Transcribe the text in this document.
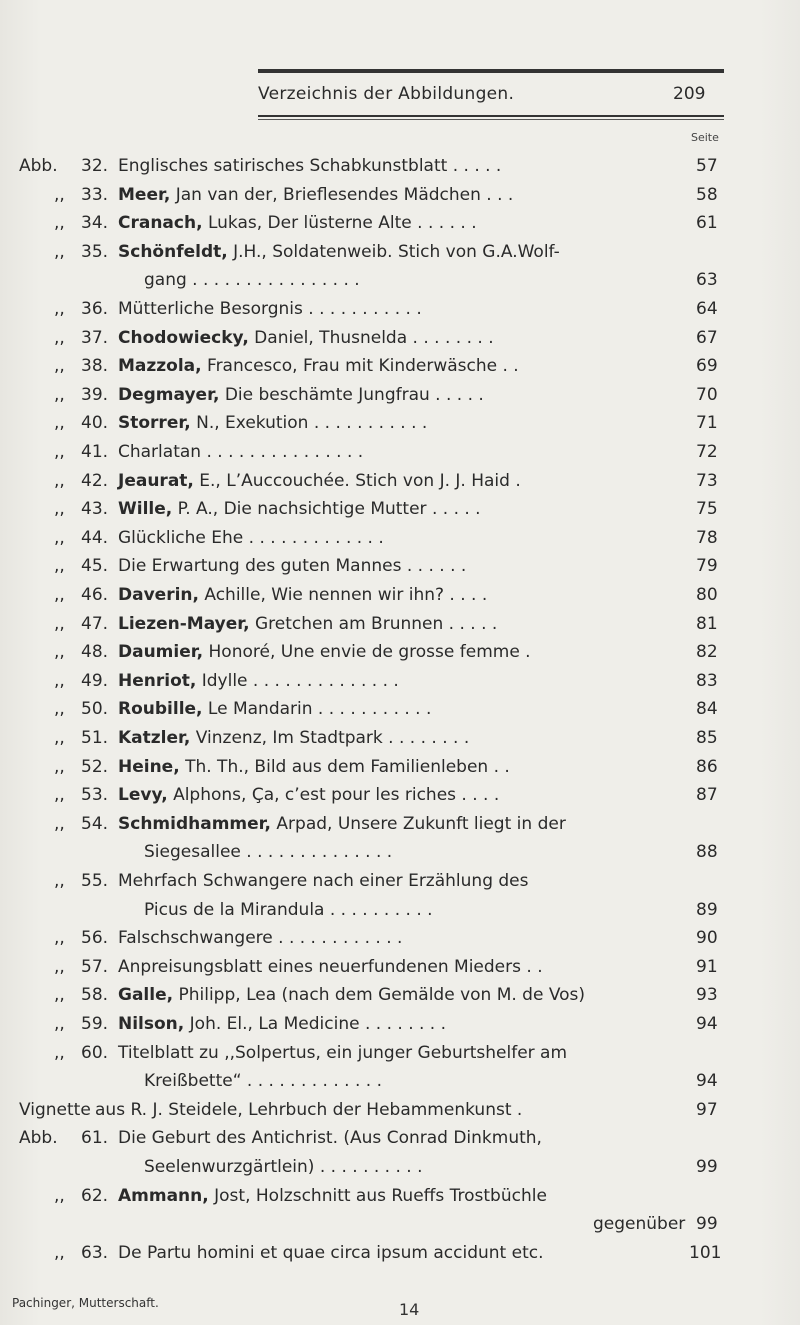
Verzeichnis der Abbildungen.	209
Seite
Abb. 32. Englisches satirisches Schabkunstblatt . . . . .	57
,, 33. Meer, Jan van der, Brieflesendes Mädchen . . .	58
,, 34. Cranach, Lukas, Der lüsterne Alte . . . . . .	61
,, 35. Schönfeldt, J.H., Soldatenweib. Stich von G.A.Wolf-
gang . . . . . . . . . . . . . . . .	63
,, 36. Mütterliche Besorgnis . . . . . . . . . . .	64
,, 37. Chodowiecky, Daniel, Thusnelda . . . . . . . .	67
,, 38. Mazzola, Francesco, Frau mit Kinderwäsche . .	69
,, 39. Degmayer, Die beschämte Jungfrau . . . . .	70
,, 40. Storrer, N., Exekution . . . . . . . . . . .	71
,, 41. Charlatan . . . . . . . . . . . . . . .	72
,, 42. Jeaurat, E., L’Auccouchée. Stich von J. J. Haid .	73
,, 43. Wille, P. A., Die nachsichtige Mutter . . . . .	75
,, 44. Glückliche Ehe . . . . . . . . . . . . .	78
,, 45. Die Erwartung des guten Mannes . . . . . .	79
,, 46. Daverin, Achille, Wie nennen wir ihn? . . . .	80
,, 47. Liezen-Mayer, Gretchen am Brunnen . . . . .	81
,, 48. Daumier, Honoré, Une envie de grosse femme .	82
,, 49. Henriot, Idylle . . . . . . . . . . . . . .	83
,, 50. Roubille, Le Mandarin . . . . . . . . . . .	84
,, 51. Katzler, Vinzenz, Im Stadtpark . . . . . . . .	85
,, 52. Heine, Th. Th., Bild aus dem Familienleben . .	86
,, 53. Levy, Alphons, Ça, c’est pour les riches . . . .	87
,, 54. Schmidhammer, Arpad, Unsere Zukunft liegt in der
Siegesallee . . . . . . . . . . . . . .	88
,, 55. Mehrfach Schwangere nach einer Erzählung des
Picus de la Mirandula . . . . . . . . . .	89
,, 56. Falschschwangere . . . . . . . . . . . .	90
,, 57. Anpreisungsblatt eines neuerfundenen Mieders . .	91
,, 58. Galle, Philipp, Lea (nach dem Gemälde von M. de Vos)	93
,, 59. Nilson, Joh. El., La Medicine . . . . . . . .	94
,, 60. Titelblatt zu ,,Solpertus, ein junger Geburtshelfer am
Kreißbette“ . . . . . . . . . . . . .	94
Vignette aus R. J. Steidele, Lehrbuch der Hebammenkunst .	97
Abb. 61. Die Geburt des Antichrist. (Aus Conrad Dinkmuth,
Seelenwurzgärtlein) . . . . . . . . . .	99
,, 62. Ammann, Jost, Holzschnitt aus Rueffs Trostbüchle
gegenüber 99
,, 63. De Partu homini et quae circa ipsum accidunt etc.	101
Pachinger, Mutterschaft.	14
